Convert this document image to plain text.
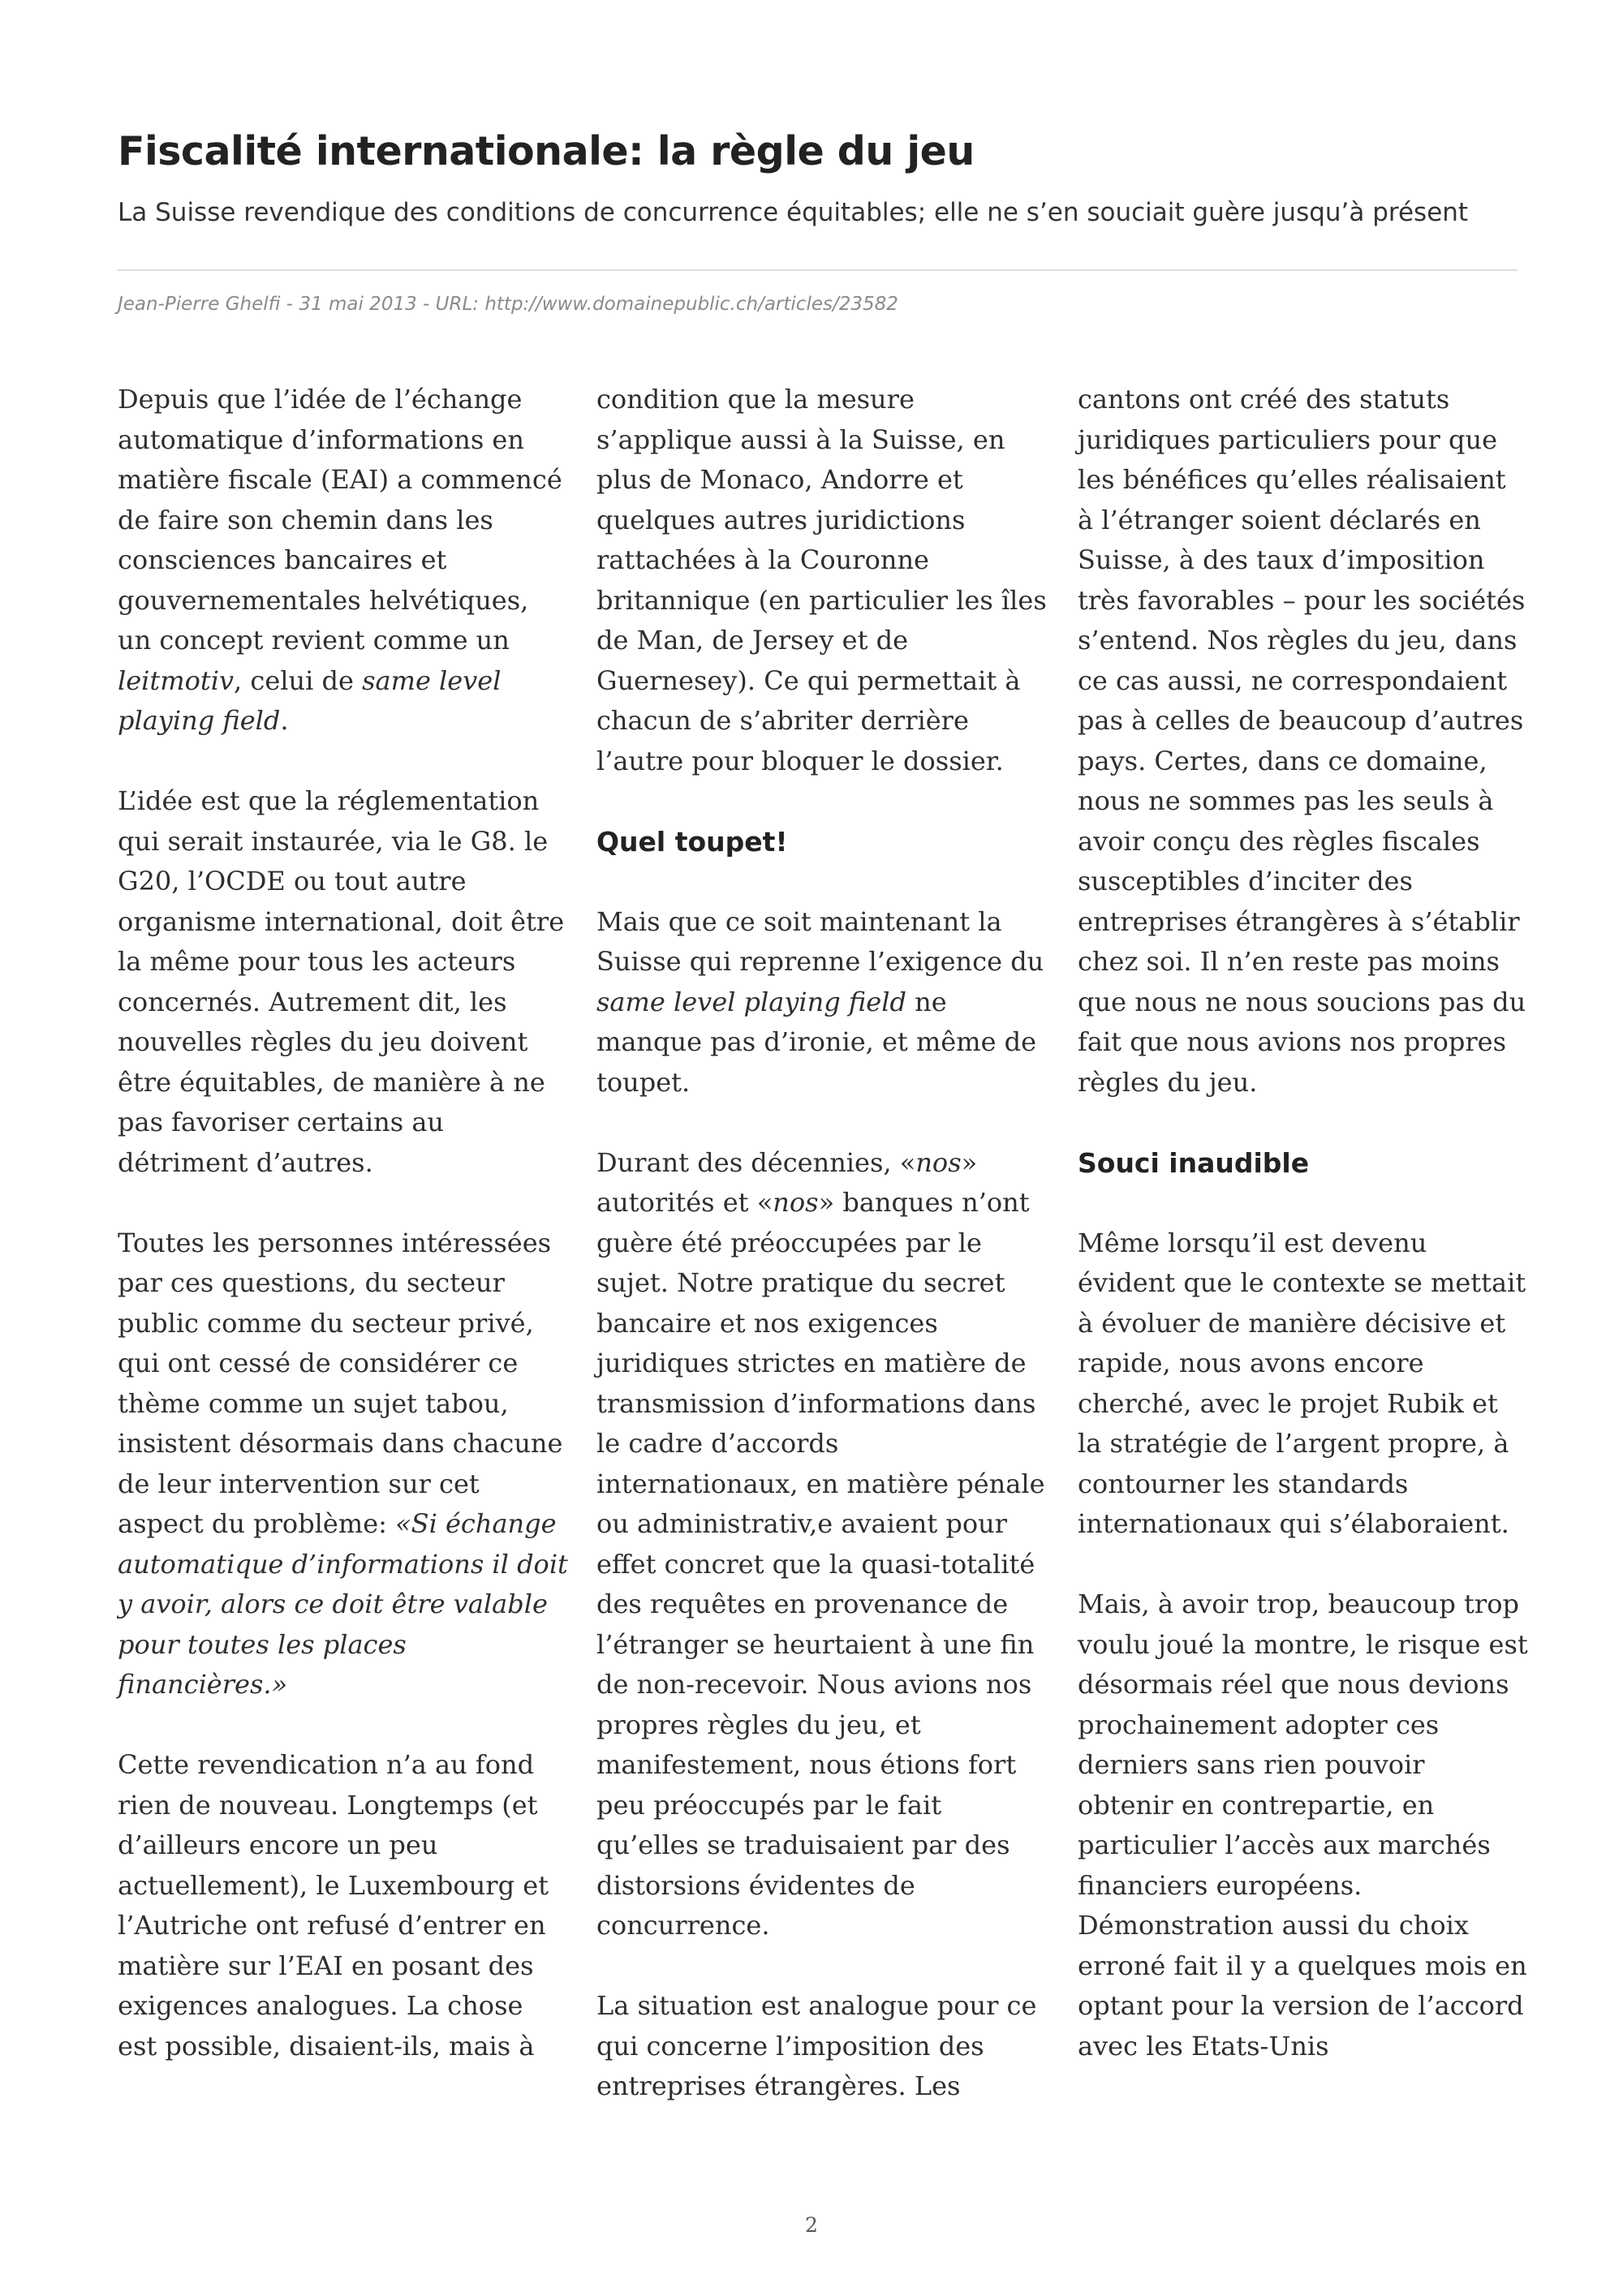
Fiscalité internationale: la règle du jeu

La Suisse revendique des conditions de concurrence équitables; elle ne s’en souciait guère jusqu’à présent

Jean-Pierre Ghelfi - 31 mai 2013 - URL: http://www.domainepublic.ch/articles/23582

Depuis que l’idée de l’échange automatique d’informations en matière fiscale (EAI) a commencé de faire son chemin dans les consciences bancaires et gouvernementales helvétiques, un concept revient comme un leitmotiv, celui de same level playing field.

L’idée est que la réglementation qui serait instaurée, via le G8. le G20, l’OCDE ou tout autre organisme international, doit être la même pour tous les acteurs concernés. Autrement dit, les nouvelles règles du jeu doivent être équitables, de manière à ne pas favoriser certains au détriment d’autres.

Toutes les personnes intéressées par ces questions, du secteur public comme du secteur privé, qui ont cessé de considérer ce thème comme un sujet tabou, insistent désormais dans chacune de leur intervention sur cet aspect du problème: «Si échange automatique d’informations il doit y avoir, alors ce doit être valable pour toutes les places financières.»

Cette revendication n’a au fond rien de nouveau. Longtemps (et d’ailleurs encore un peu actuellement), le Luxembourg et l’Autriche ont refusé d’entrer en matière sur l’EAI en posant des exigences analogues. La chose est possible, disaient-ils, mais à

condition que la mesure s’applique aussi à la Suisse, en plus de Monaco, Andorre et quelques autres juridictions rattachées à la Couronne britannique (en particulier les îles de Man, de Jersey et de Guernesey). Ce qui permettait à chacun de s’abriter derrière l’autre pour bloquer le dossier.

Quel toupet!

Mais que ce soit maintenant la Suisse qui reprenne l’exigence du same level playing field ne manque pas d’ironie, et même de toupet.

Durant des décennies, «nos» autorités et «nos» banques n’ont guère été préoccupées par le sujet. Notre pratique du secret bancaire et nos exigences juridiques strictes en matière de transmission d’informations dans le cadre d’accords internationaux, en matière pénale ou administrativ,e avaient pour effet concret que la quasi-totalité des requêtes en provenance de l’étranger se heurtaient à une fin de non-recevoir. Nous avions nos propres règles du jeu, et manifestement, nous étions fort peu préoccupés par le fait qu’elles se traduisaient par des distorsions évidentes de concurrence.

La situation est analogue pour ce qui concerne l’imposition des entreprises étrangères. Les

cantons ont créé des statuts juridiques particuliers pour que les bénéfices qu’elles réalisaient à l’étranger soient déclarés en Suisse, à des taux d’imposition très favorables – pour les sociétés s’entend. Nos règles du jeu, dans ce cas aussi, ne correspondaient pas à celles de beaucoup d’autres pays. Certes, dans ce domaine, nous ne sommes pas les seuls à avoir conçu des règles fiscales susceptibles d’inciter des entreprises étrangères à s’établir chez soi. Il n’en reste pas moins que nous ne nous soucions pas du fait que nous avions nos propres règles du jeu.

Souci inaudible

Même lorsqu’il est devenu évident que le contexte se mettait à évoluer de manière décisive et rapide, nous avons encore cherché, avec le projet Rubik et la stratégie de l’argent propre, à contourner les standards internationaux qui s’élaboraient.

Mais, à avoir trop, beaucoup trop voulu joué la montre, le risque est désormais réel que nous devions prochainement adopter ces derniers sans rien pouvoir obtenir en contrepartie, en particulier l’accès aux marchés financiers européens. Démonstration aussi du choix erroné fait il y a quelques mois en optant pour la version de l’accord avec les Etats-Unis

2
